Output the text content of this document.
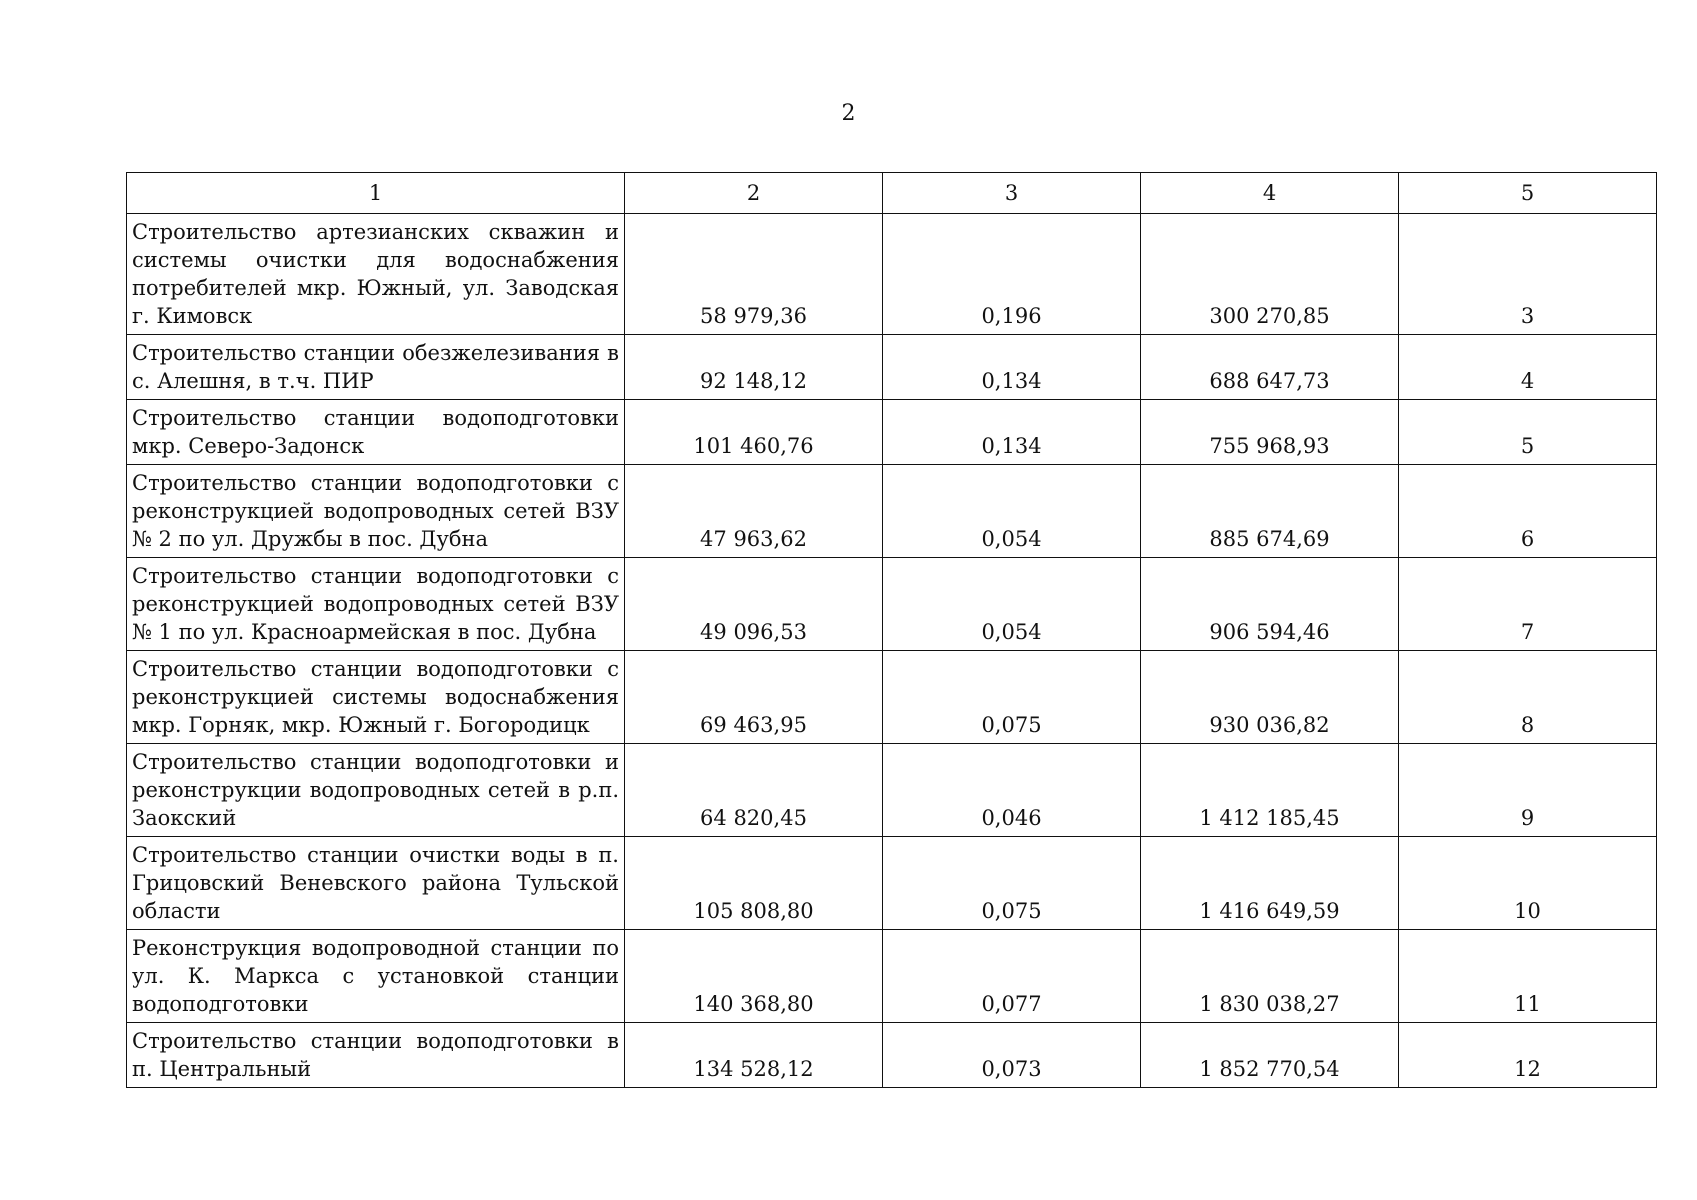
2
1	2	3	4	5
Строительство артезианских скважин и системы очистки для водоснабжения потребителей мкр. Южный, ул. Заводская г. Кимовск	58 979,36	0,196	300 270,85	3
Строительство станции обезжелезивания в с. Алешня, в т.ч. ПИР	92 148,12	0,134	688 647,73	4
Строительство станции водоподготовки мкр. Северо-Задонск	101 460,76	0,134	755 968,93	5
Строительство станции водоподготовки с реконструкцией водопроводных сетей ВЗУ № 2 по ул. Дружбы в пос. Дубна	47 963,62	0,054	885 674,69	6
Строительство станции водоподготовки с реконструкцией водопроводных сетей ВЗУ № 1 по ул. Красноармейская в пос. Дубна	49 096,53	0,054	906 594,46	7
Строительство станции водоподготовки с реконструкцией системы водоснабжения мкр. Горняк, мкр. Южный г. Богородицк	69 463,95	0,075	930 036,82	8
Строительство станции водоподготовки и реконструкции водопроводных сетей в р.п. Заокский	64 820,45	0,046	1 412 185,45	9
Строительство станции очистки воды в п. Грицовский Веневского района Тульской области	105 808,80	0,075	1 416 649,59	10
Реконструкция водопроводной станции по ул. К. Маркса с установкой станции водоподготовки	140 368,80	0,077	1 830 038,27	11
Строительство станции водоподготовки в п. Центральный	134 528,12	0,073	1 852 770,54	12
